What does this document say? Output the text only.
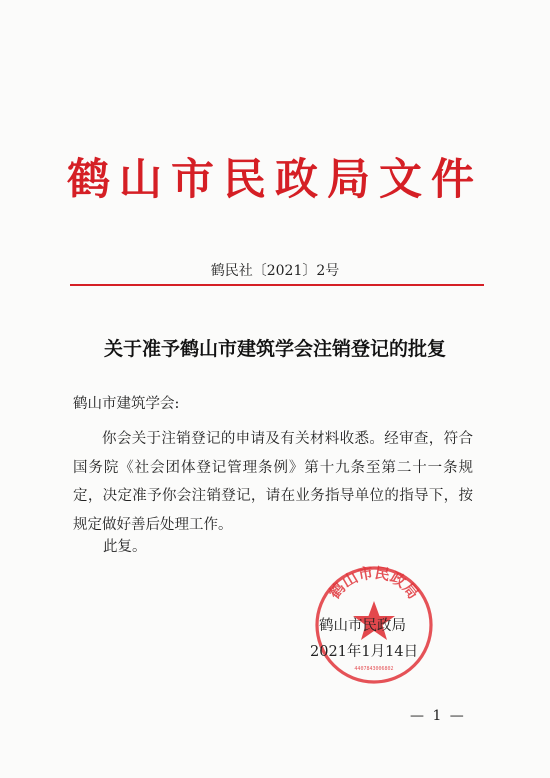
鹤山市民政局文件
鹤民社〔2021〕2号
关于准予鹤山市建筑学会注销登记的批复
鹤山市建筑学会:

你会关于注销登记的申请及有关材料收悉。经审查，符合国务院《社会团体登记管理条例》第十九条至第二十一条规定，决定准予你会注销登记，请在业务指导单位的指导下，按规定做好善后处理工作。

此复。
鹤山市民政局
4407843006802
鹤山市民政局
2021年1月14日
— 1 —
